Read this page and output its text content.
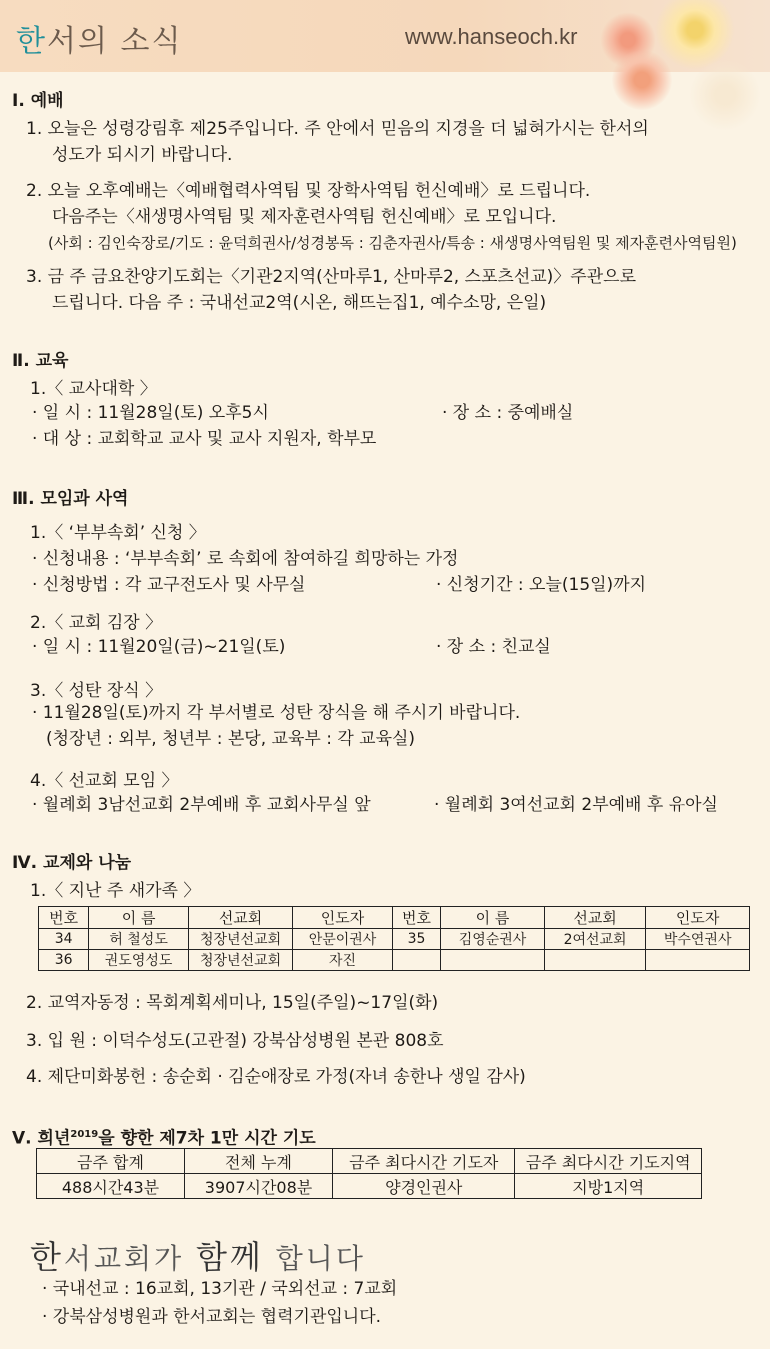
한서의 소식	www.hanseoch.kr
Ⅰ. 예배
1. 오늘은 성령강림후 제25주입니다. 주 안에서 믿음의 지경을 더 넓혀가시는 한서의
성도가 되시기 바랍니다.
2. 오늘 오후예배는〈예배협력사역팀 및 장학사역팀 헌신예배〉로 드립니다.
다음주는〈새생명사역팀 및 제자훈련사역팀 헌신예배〉로 모입니다.
(사회 : 김인숙장로/기도 : 윤덕희권사/성경봉독 : 김춘자권사/특송 : 새생명사역팀원 및 제자훈련사역팀원)
3. 금 주 금요찬양기도회는〈기관2지역(산마루1, 산마루2, 스포츠선교)〉주관으로
드립니다. 다음 주 : 국내선교2역(시온, 해뜨는집1, 예수소망, 은일)
Ⅱ. 교육
1.〈 교사대학 〉
· 일 시 : 11월28일(토) 오후5시	· 장 소 : 중예배실
· 대 상 : 교회학교 교사 및 교사 지원자, 학부모
Ⅲ. 모임과 사역
1.〈 ‘부부속회’ 신청 〉
· 신청내용 : ‘부부속회’ 로 속회에 참여하길 희망하는 가정
· 신청방법 : 각 교구전도사 및 사무실	· 신청기간 : 오늘(15일)까지
2.〈 교회 김장 〉
· 일 시 : 11월20일(금)~21일(토)	· 장 소 : 친교실
3.〈 성탄 장식 〉
· 11월28일(토)까지 각 부서별로 성탄 장식을 해 주시기 바랍니다.
(청장년 : 외부, 청년부 : 본당, 교육부 : 각 교육실)
4.〈 선교회 모임 〉
· 월례회 3남선교회 2부예배 후 교회사무실 앞	· 월례회 3여선교회 2부예배 후 유아실
Ⅳ. 교제와 나눔
1.〈 지난 주 새가족 〉
번호	이 름	선교회	인도자	번호	이 름	선교회	인도자
34	허 철성도	청장년선교회	안문이권사	35	김영순권사	2여선교회	박수연권사
36	권도영성도	청장년선교회	자진				
2. 교역자동정 : 목회계획세미나, 15일(주일)~17일(화)
3. 입 원 : 이덕수성도(고관절) 강북삼성병원 본관 808호
4. 제단미화봉헌 : 송순회 · 김순애장로 가정(자녀 송한나 생일 감사)
Ⅴ. 희년$^{2019}$을 향한 제7차 1만 시간 기도
금주 합계	전체 누계	금주 최다시간 기도자	금주 최다시간 기도지역
488시간43분	3907시간08분	양경인권사	지방1지역
한서교회가 함께 합니다
· 국내선교 : 16교회, 13기관 / 국외선교 : 7교회
· 강북삼성병원과 한서교회는 협력기관입니다.
